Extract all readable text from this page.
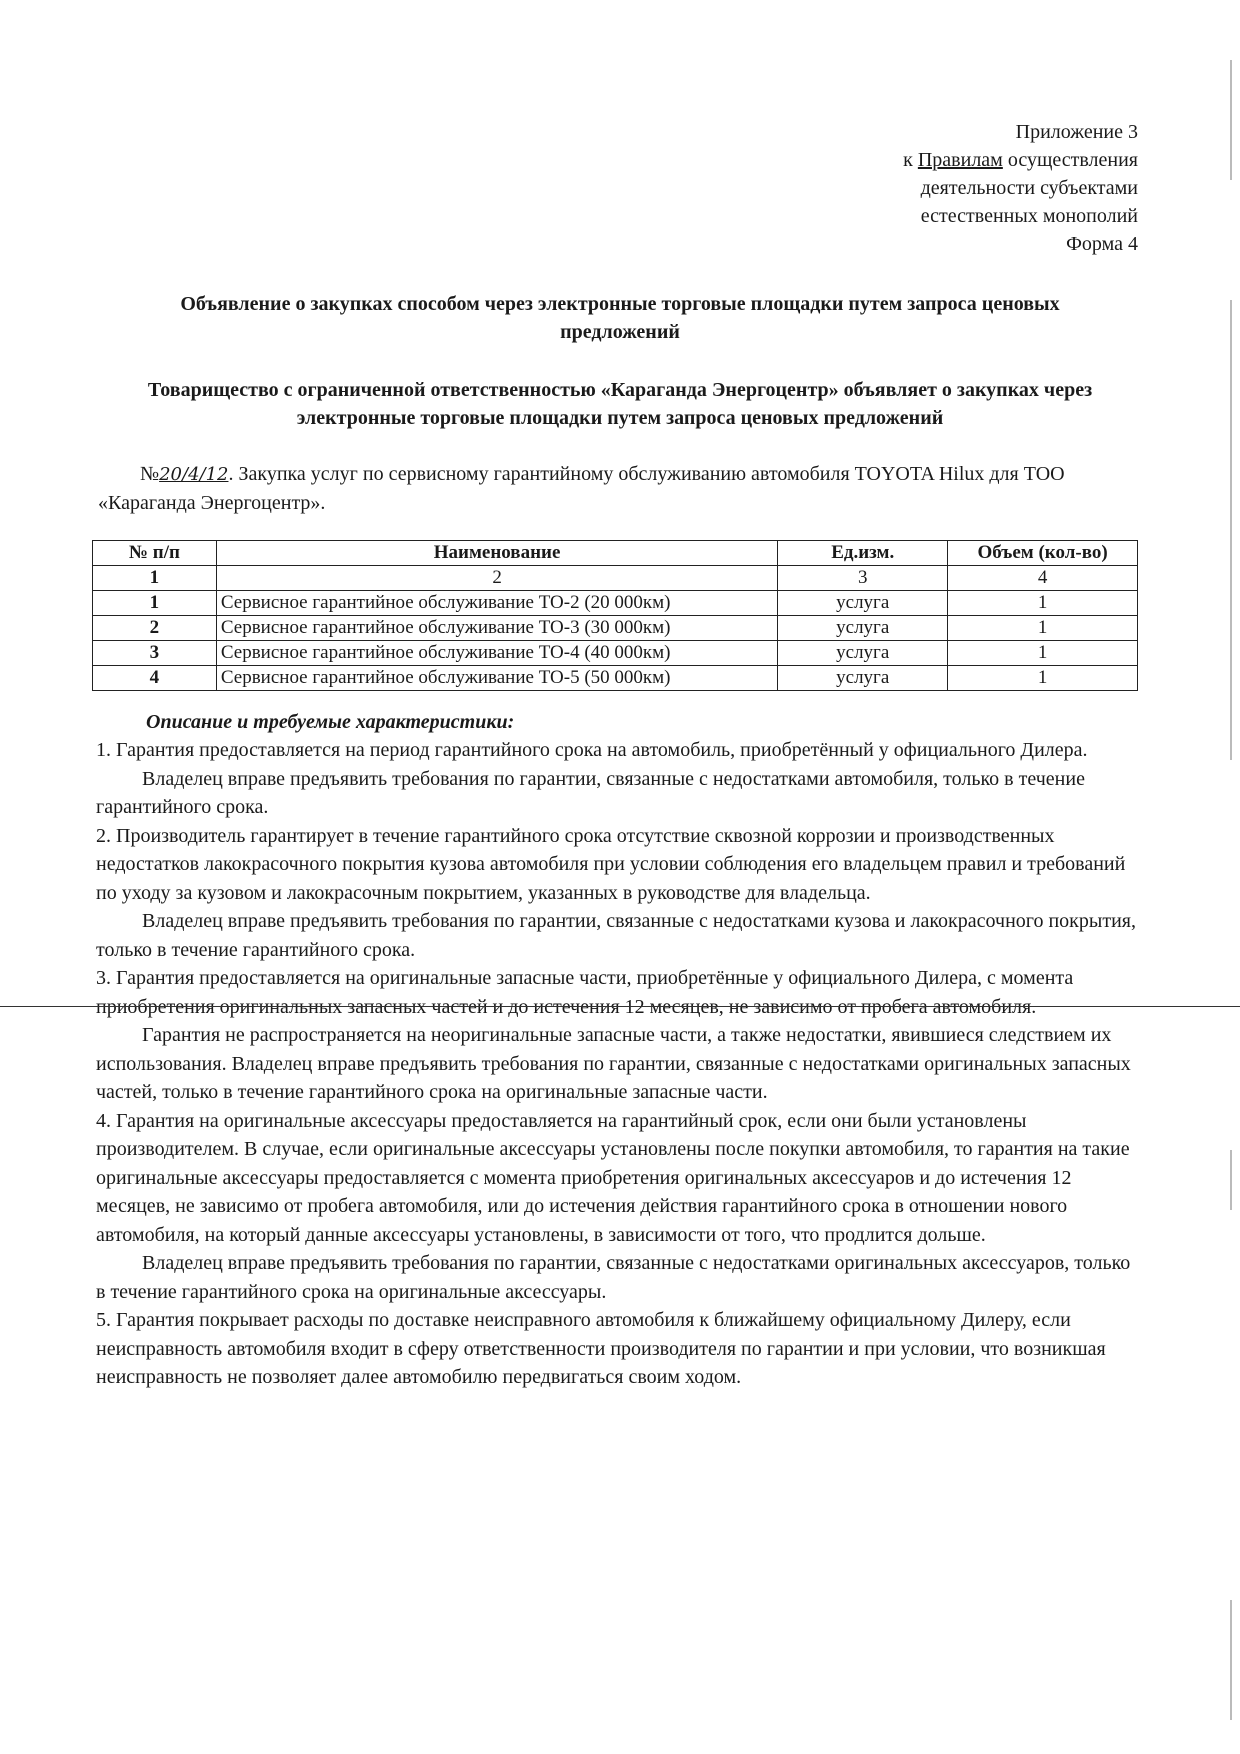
Приложение 3
к Правилам осуществления
деятельности субъектами
естественных монополий
Форма 4
Объявление о закупках способом через электронные торговые площадки путем запроса ценовых предложений
Товарищество с ограниченной ответственностью «Караганда Энергоцентр» объявляет о закупках через электронные торговые площадки путем запроса ценовых предложений

№20/4/12. Закупка услуг по сервисному гарантийному обслуживанию автомобиля TOYOTA Hilux для ТОО «Караганда Энергоцентр».

№ п/п	Наименование	Ед.изм.	Объем (кол-во)
1	2	3	4
1	Сервисное гарантийное обслуживание ТО-2 (20 000км)	услуга	1
2	Сервисное гарантийное обслуживание ТО-3 (30 000км)	услуга	1
3	Сервисное гарантийное обслуживание ТО-4 (40 000км)	услуга	1
4	Сервисное гарантийное обслуживание ТО-5 (50 000км)	услуга	1
Описание и требуемые характеристики:

1. Гарантия предоставляется на период гарантийного срока на автомобиль, приобретённый у официального Дилера.

Владелец вправе предъявить требования по гарантии, связанные с недостатками автомобиля, только в течение гарантийного срока.

2. Производитель гарантирует в течение гарантийного срока отсутствие сквозной коррозии и производственных недостатков лакокрасочного покрытия кузова автомобиля при условии соблюдения его владельцем правил и требований по уходу за кузовом и лакокрасочным покрытием, указанных в руководстве для владельца.

Владелец вправе предъявить требования по гарантии, связанные с недостатками кузова и лакокрасочного покрытия, только в течение гарантийного срока.

3. Гарантия предоставляется на оригинальные запасные части, приобретённые у официального Дилера, с момента приобретения оригинальных запасных частей и до истечения 12 месяцев, не зависимо от пробега автомобиля.

Гарантия не распространяется на неоригинальные запасные части, а также недостатки, явившиеся следствием их использования. Владелец вправе предъявить требования по гарантии, связанные с недостатками оригинальных запасных частей, только в течение гарантийного срока на оригинальные запасные части.

4. Гарантия на оригинальные аксессуары предоставляется на гарантийный срок, если они были установлены производителем. В случае, если оригинальные аксессуары установлены после покупки автомобиля, то гарантия на такие оригинальные аксессуары предоставляется с момента приобретения оригинальных аксессуаров и до истечения 12 месяцев, не зависимо от пробега автомобиля, или до истечения действия гарантийного срока в отношении нового автомобиля, на который данные аксессуары установлены, в зависимости от того, что продлится дольше.

Владелец вправе предъявить требования по гарантии, связанные с недостатками оригинальных аксессуаров, только в течение гарантийного срока на оригинальные аксессуары.

5. Гарантия покрывает расходы по доставке неисправного автомобиля к ближайшему официальному Дилеру, если неисправность автомобиля входит в сферу ответственности производителя по гарантии и при условии, что возникшая неисправность не позволяет далее автомобилю передвигаться своим ходом.
